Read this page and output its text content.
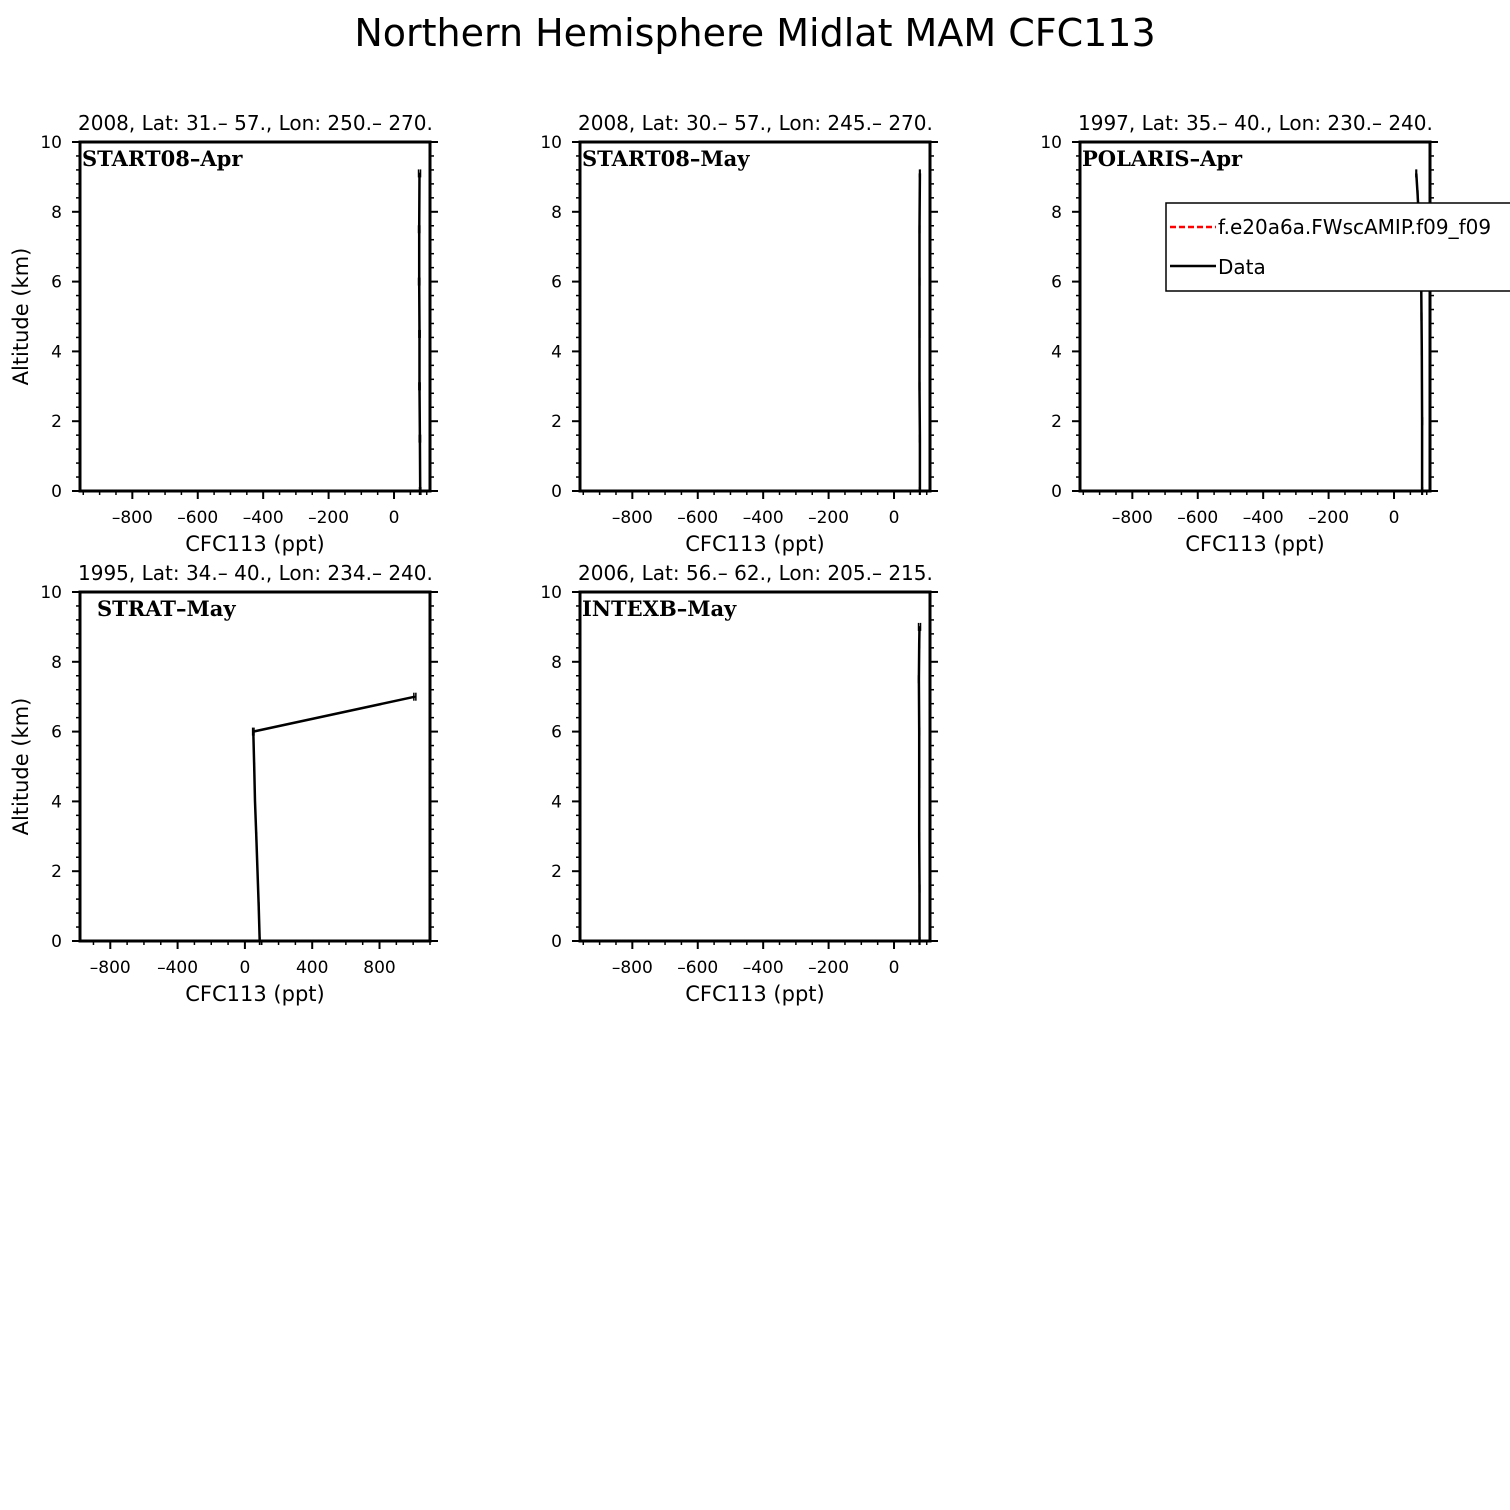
Northern Hemisphere Midlat MAM CFC113
2008, Lat: 31.– 57., Lon: 250.– 270.
START08–Apr
0
2
4
6
8
10
–800 –600 –400 –200 0
CFC113 (ppt)
Altitude (km)
2008, Lat: 30.– 57., Lon: 245.– 270.
START08–May
0
2
4
6
8
10
–800 –600 –400 –200 0
CFC113 (ppt)
1997, Lat: 35.– 40., Lon: 230.– 240.
POLARIS–Apr
0
2
4
6
8
10
–800 –600 –400 –200 0
CFC113 (ppt)
1995, Lat: 34.– 40., Lon: 234.– 240.
STRAT–May
0
2
4
6
8
10
–800 –400 0	400 800
CFC113 (ppt)
Altitude (km)
2006, Lat: 56.– 62., Lon: 205.– 215.
INTEXB–May
0
2
4
6
8
10
–800 –600 –400 –200 0
CFC113 (ppt)
f.e20a6a.FWscAMIP.f09_f09
Data
